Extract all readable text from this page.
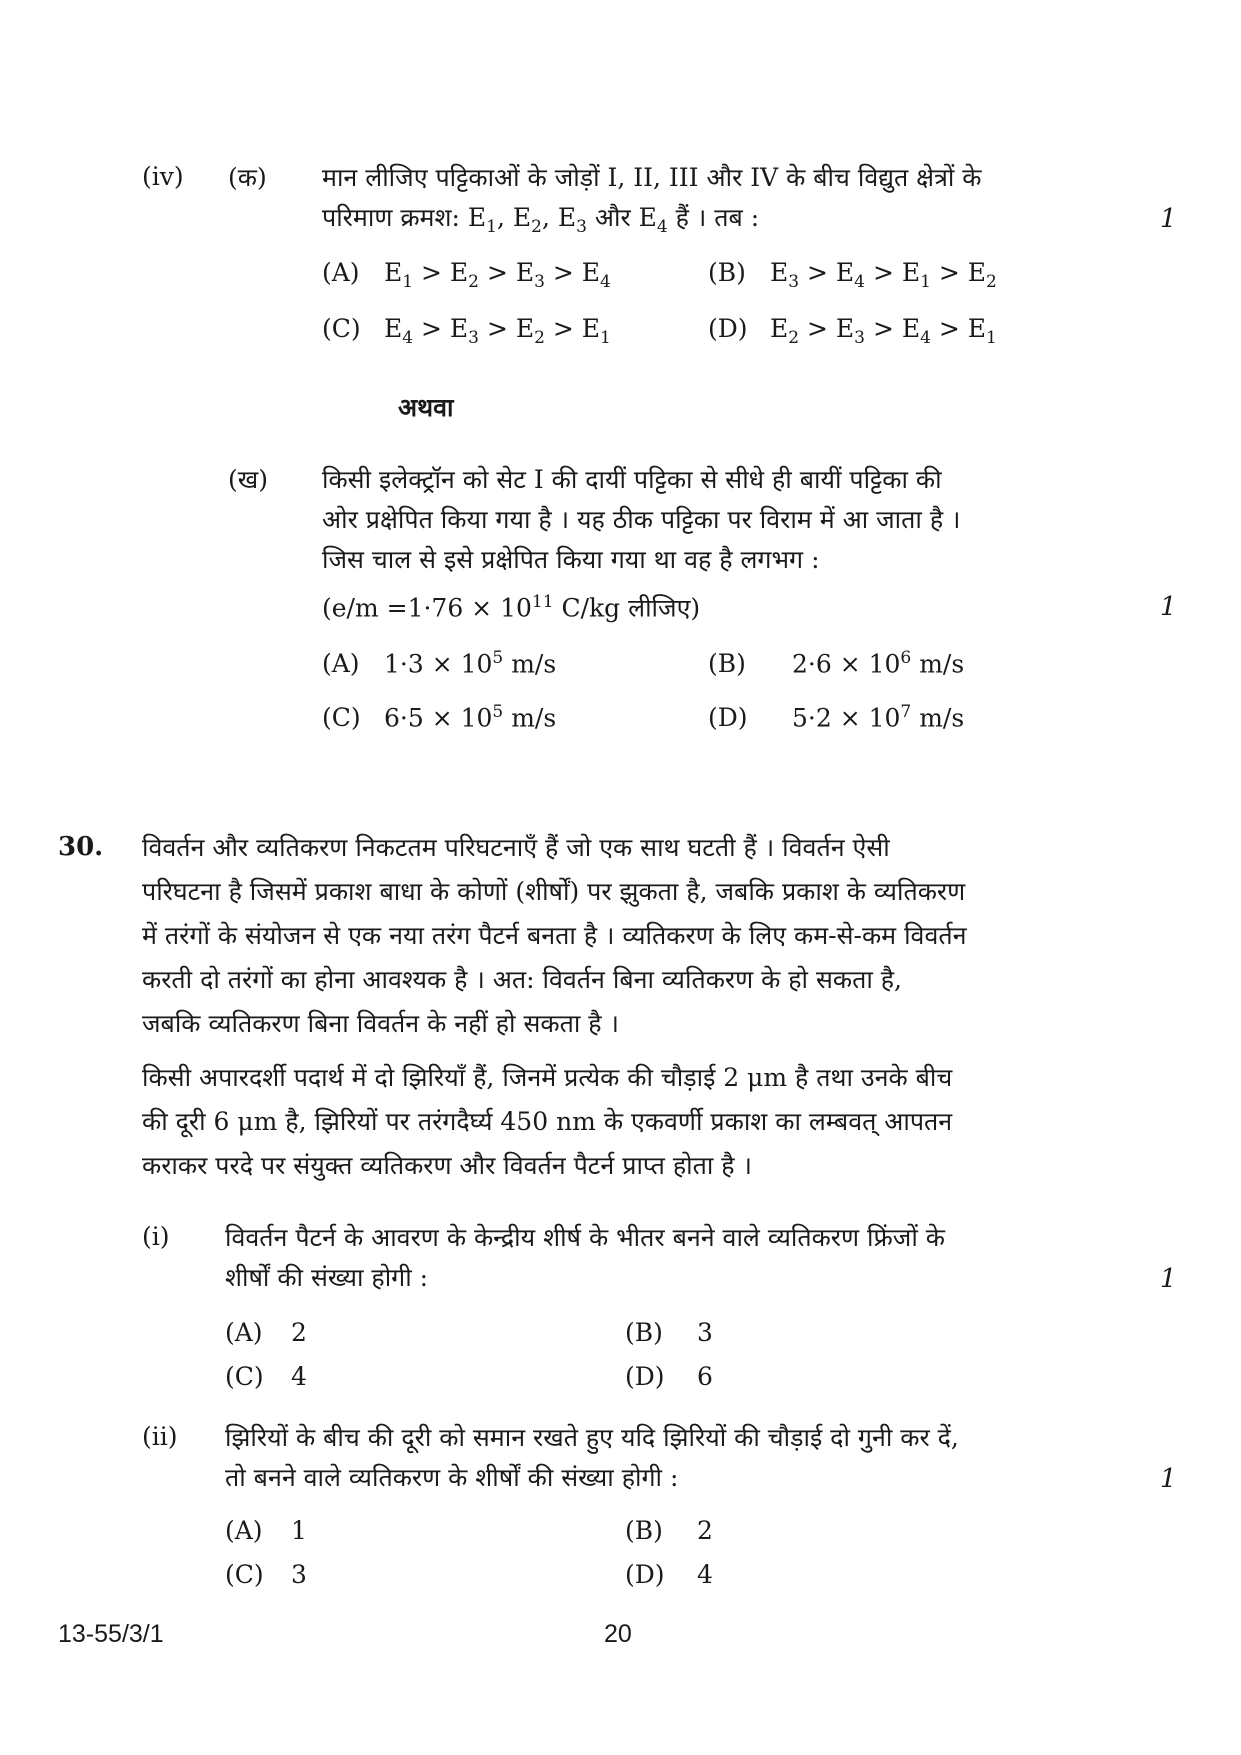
(iv) (क) मान लीजिए पट्टिकाओं के जोड़ों I, II, III और IV के बीच विद्युत क्षेत्रों के
परिमाण क्रमश: $E_1$, $E_2$, $E_3$ और $E_4$ हैं । तब :	1
(A) $E_1 > E_2 > E_3 > E_4$	(B) $E_3 > E_4 > E_1 > E_2$
(C) $E_4 > E_3 > E_2 > E_1$	(D) $E_2 > E_3 > E_4 > E_1$
अथवा
(ख) किसी इलेक्ट्रॉन को सेट I की दायीं पट्टिका से सीधे ही बायीं पट्टिका की
ओर प्रक्षेपित किया गया है । यह ठीक पट्टिका पर विराम में आ जाता है ।
जिस चाल से इसे प्रक्षेपित किया गया था वह है लगभग :
($e/m =1\cdot 76 \times 10^{11}$ C/kg लीजिए)	1
(A) $1\cdot 3 \times 10^5$ m/s	(B) $2\cdot 6 \times 10^6$ m/s
(C) $6\cdot 5 \times 10^5$ m/s	(D) $5\cdot 2 \times 10^7$ m/s
30. विवर्तन और व्यतिकरण निकटतम परिघटनाएँ हैं जो एक साथ घटती हैं । विवर्तन ऐसी
परिघटना है जिसमें प्रकाश बाधा के कोणों (शीर्षों) पर झुकता है, जबकि प्रकाश के व्यतिकरण
में तरंगों के संयोजन से एक नया तरंग पैटर्न बनता है । व्यतिकरण के लिए कम-से-कम विवर्तन
करती दो तरंगों का होना आवश्यक है । अत: विवर्तन बिना व्यतिकरण के हो सकता है,
जबकि व्यतिकरण बिना विवर्तन के नहीं हो सकता है ।
किसी अपारदर्शी पदार्थ में दो झिरियाँ हैं, जिनमें प्रत्येक की चौड़ाई 2 μm है तथा उनके बीच
की दूरी 6 μm है, झिरियों पर तरंगदैर्घ्य 450 nm के एकवर्णी प्रकाश का लम्बवत् आपतन
कराकर परदे पर संयुक्त व्यतिकरण और विवर्तन पैटर्न प्राप्त होता है ।
(i) विवर्तन पैटर्न के आवरण के केन्द्रीय शीर्ष के भीतर बनने वाले व्यतिकरण फ्रिंजों के
शीर्षों की संख्या होगी :	1
(A) 2	(B) 3
(C) 4	(D) 6
(ii) झिरियों के बीच की दूरी को समान रखते हुए यदि झिरियों की चौड़ाई दो गुनी कर दें,
तो बनने वाले व्यतिकरण के शीर्षों की संख्या होगी :	1
(A) 1	(B) 2
(C) 3	(D) 4
13-55/3/1	20
